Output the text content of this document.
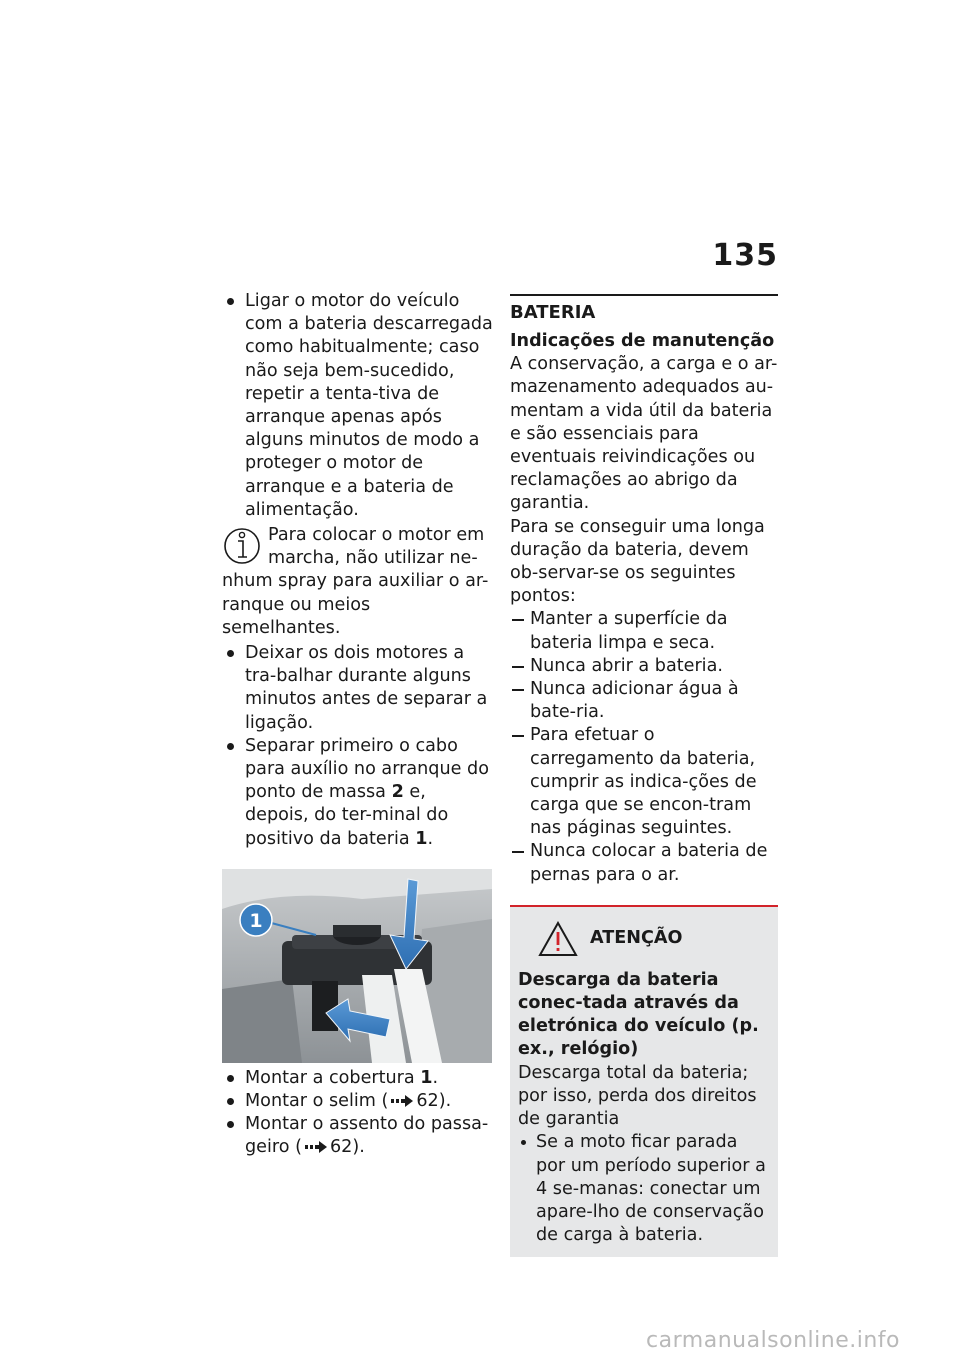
135
Ligar o motor do veículo com a bateria descarregada como habitualmente; caso não seja bem-sucedido, repetir a tenta-tiva de arranque apenas após alguns minutos de modo a proteger o motor de arranque e a bateria de alimentação.
Para colocar o motor em marcha, não utilizar ne-nhum spray para auxiliar o ar-ranque ou meios semelhantes.
Deixar os dois motores a tra-balhar durante alguns minutos antes de separar a ligação.
Separar primeiro o cabo para auxílio no arranque do ponto de massa 2 e, depois, do ter-minal do positivo da bateria 1.
1
Montar a cobertura 1.
Montar o selim ( 62).
Montar o assento do passa-geiro ( 62).
BATERIA
Indicações de manutenção
A conservação, a carga e o ar-mazenamento adequados au-mentam a vida útil da bateria e são essenciais para eventuais reivindicações ou reclamações ao abrigo da garantia.
Para se conseguir uma longa duração da bateria, devem ob-servar-se os seguintes pontos:
Manter a superfície da bateria limpa e seca.
Nunca abrir a bateria.
Nunca adicionar água à bate-ria.
Para efetuar o carregamento da bateria, cumprir as indica-ções de carga que se encon-tram nas páginas seguintes.
Nunca colocar a bateria de pernas para o ar.
ATENÇÃO
Descarga da bateria conec-tada através da eletrónica do veículo (p. ex., relógio)
Descarga total da bateria; por isso, perda dos direitos de garantia
Se a moto ficar parada por um período superior a 4 se-manas: conectar um apare-lho de conservação de carga à bateria.
carmanualsonline.info
